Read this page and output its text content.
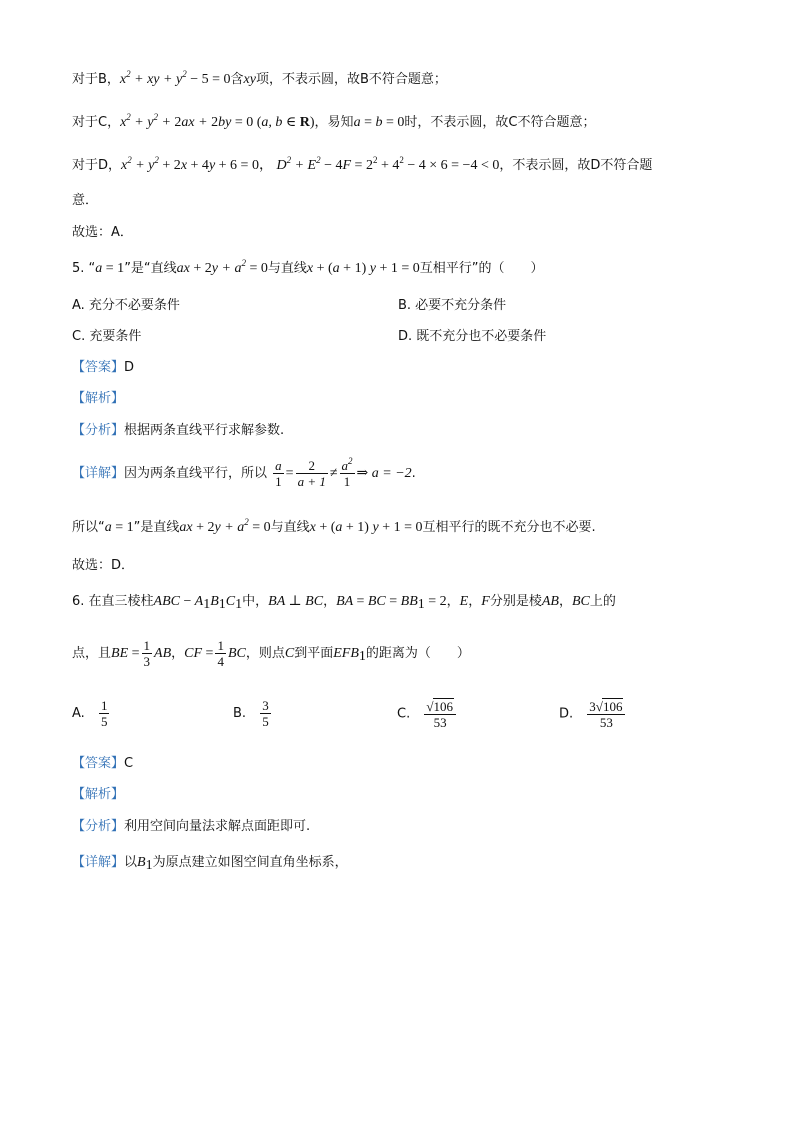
对于B，$x^2$ + xy + $y^2 - 5 = 0$含xy项，不表示圆，故B不符合题意；
对于C，$x^2 + y^2 + 2ax + 2by = 0$ (a, b ∈ R)，易知a = b = 0时，不表示圆，故C不符合题意；
对于D，$x^2 + y^2 + 2x + 4y + 6 = 0$， $D^2 + E^2 - 4F = 2^2 + 4^2 - 4 \times 6 = -4 < 0$，不表示圆，故D不符合题
意．
故选：A．
5. “a = 1”是“直线ax + $2y + a^2 = 0$与直线x + (a + 1) y + 1 = 0互相平行”的（　　）
A. 充分不必要条件	B. 必要不充分条件
C. 充要条件	D. 既不充分也不必要条件
【答案】D
【解析】
【分析】根据两条直线平行求解参数.
【详解】因为两条直线平行，所以 $\frac{a}{1} = \frac{2}{a + 1} \ne \frac{a^2}{1}$ ⇒ a = −2.
所以“a = 1”是直线ax + $2y + a^2 = 0$与直线x + (a + 1) y + 1 = 0互相平行的既不充分也不必要.
故选：D．
6. 在直三棱柱ABC − $A_1B_1C_1$中，BA ⊥ BC，BA = BC = $BB_1 = 2$，E，F分别是棱AB，BC上的
点，且BE = $\frac{1}{3}$ AB，CF = $\frac{1}{4}$ BC，则点C到平面$EFB_1$的距离为（　　）
A. $\frac{1}{5}$	B. $\frac{3}{5}$	C. $\frac{√106}{53}$	D. $\frac{3√106}{53}$
【答案】C
【解析】
【分析】利用空间向量法求解点面距即可.
【详解】以$B_1$为原点建立如图空间直角坐标系，
